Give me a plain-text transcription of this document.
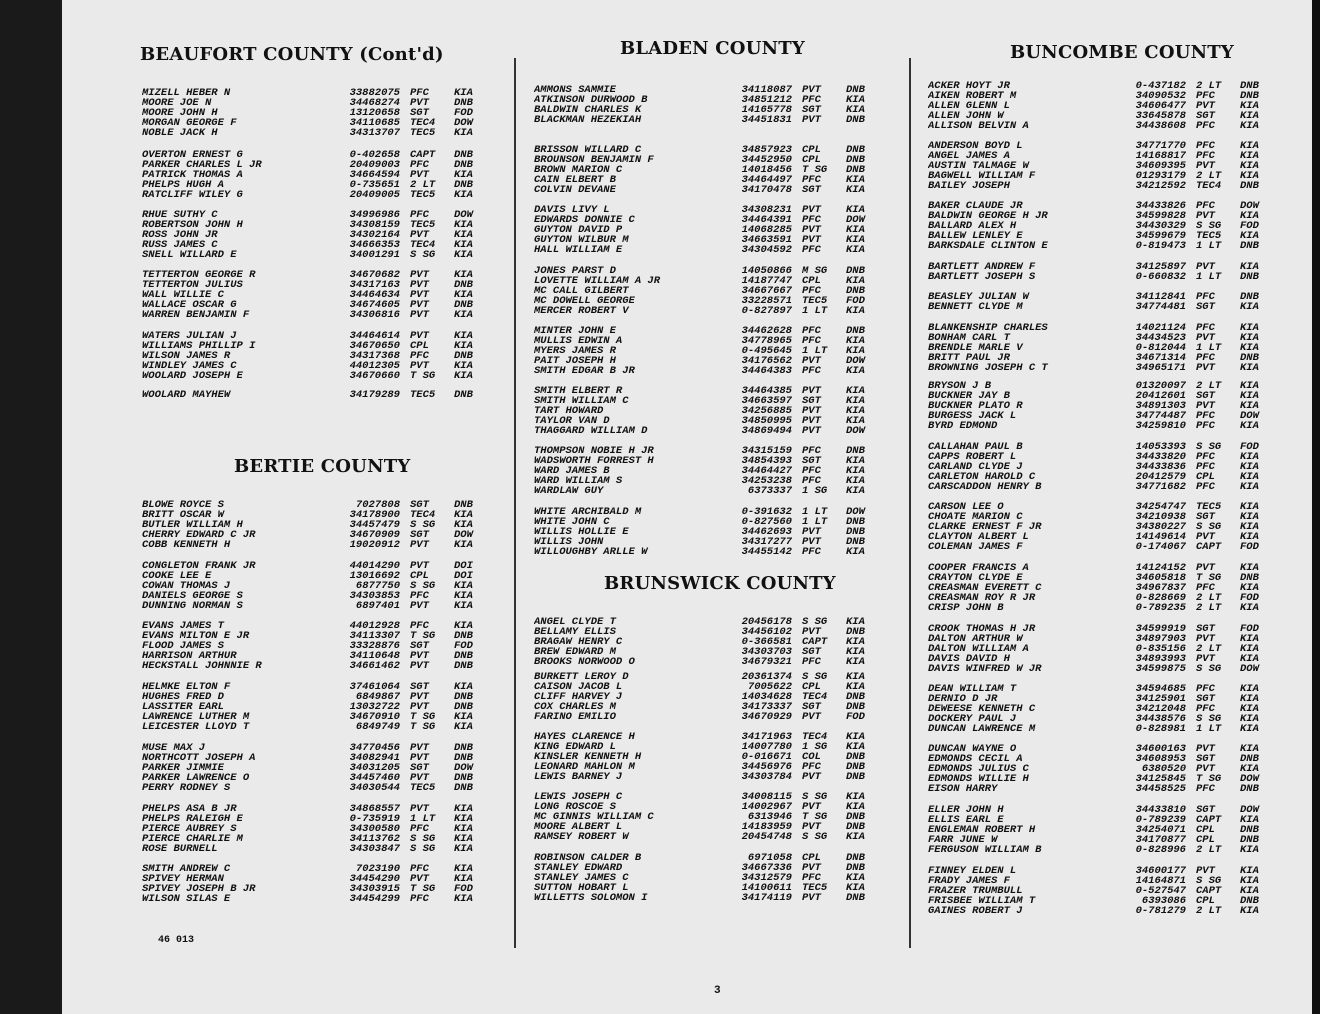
BEAUFORT COUNTY (Cont'd)
MIZELL HEBER N	33882075 PFC	KIA
MOORE JOE N	34468274 PVT	DNB
MOORE JOHN H	13120658 SGT	FOD
MORGAN GEORGE F	34110685 TEC4	DOW
NOBLE JACK H	34313707 TEC5	KIA
OVERTON ERNEST G	0-402658 CAPT	DNB
PARKER CHARLES L JR	20409003 PFC	DNB
PATRICK THOMAS A	34664594 PVT	KIA
PHELPS HUGH A	0-735651 2 LT	DNB
RATCLIFF WILEY G	20409005 TEC5	KIA
RHUE SUTHY C	34996986 PFC	DOW
ROBERTSON JOHN H	34308159 TEC5	KIA
ROSS JOHN JR	34302164 PVT	KIA
RUSS JAMES C	34666353 TEC4	KIA
SNELL WILLARD E	34001291 S SG	KIA
TETTERTON GEORGE R	34670682 PVT	KIA
TETTERTON JULIUS	34317163 PVT	DNB
WALL WILLIE C	34464634 PVT	KIA
WALLACE OSCAR G	34674605 PVT	DNB
WARREN BENJAMIN F	34306816 PVT	KIA
WATERS JULIAN J	34464614 PVT	KIA
WILLIAMS PHILLIP I	34670650 CPL	KIA
WILSON JAMES R	34317368 PFC	DNB
WINDLEY JAMES C	44012305 PVT	KIA
WOOLARD JOSEPH E	34670660 T SG	KIA
WOOLARD MAYHEW	34179289 TEC5	DNB
BERTIE COUNTY
BLOWE ROYCE S	7027808 SGT	DNB
BRITT OSCAR W	34178900 TEC4	KIA
BUTLER WILLIAM H	34457479 S SG	KIA
CHERRY EDWARD C JR	34670909 SGT	DOW
COBB KENNETH H	19020912 PVT	KIA
CONGLETON FRANK JR	44014290 PVT	DOI
COOKE LEE E	13016692 CPL	DOI
COWAN THOMAS J	6877750 S SG	KIA
DANIELS GEORGE S	34303853 PFC	KIA
DUNNING NORMAN S	6897401 PVT	KIA
EVANS JAMES T	44012928 PFC	KIA
EVANS MILTON E JR	34113307 T SG	DNB
FLOOD JAMES S	33328876 SGT	FOD
HARRISON ARTHUR	34110648 PVT	DNB
HECKSTALL JOHNNIE R	34661462 PVT	DNB
HELMKE ELTON F	37461064 SGT	KIA
HUGHES FRED D	6849867 PVT	DNB
LASSITER EARL	13032722 PVT	DNB
LAWRENCE LUTHER M	34670910 T SG	KIA
LEICESTER LLOYD T	6849749 T SG	KIA
MUSE MAX J	34770456 PVT	DNB
NORTHCOTT JOSEPH A	34082941 PVT	DNB
PARKER JIMMIE	34031205 SGT	DOW
PARKER LAWRENCE O	34457460 PVT	DNB
PERRY RODNEY S	34030544 TEC5	DNB
PHELPS ASA B JR	34868557 PVT	KIA
PHELPS RALEIGH E	0-735919 1 LT	KIA
PIERCE AUBREY S	34300580 PFC	KIA
PIERCE CHARLIE M	34113762 S SG	KIA
ROSE BURNELL	34303847 S SG	KIA
SMITH ANDREW C	7023190 PFC	KIA
SPIVEY HERMAN	34454290 PVT	KIA
SPIVEY JOSEPH B JR	34303915 T SG	FOD
WILSON SILAS E	34454299 PFC	KIA
BLADEN COUNTY
AMMONS SAMMIE	34118087 PVT	DNB
ATKINSON DURWOOD B	34851212 PFC	KIA
BALDWIN CHARLES K	14165778 SGT	KIA
BLACKMAN HEZEKIAH	34451831 PVT	DNB
BRISSON WILLARD C	34857923 CPL	DNB
BROUNSON BENJAMIN F	34452950 CPL	DNB
BROWN MARION C	14018456 T SG	DNB
CAIN ELBERT B	34464497 PFC	KIA
COLVIN DEVANE	34170478 SGT	KIA
DAVIS LIVY L	34308231 PVT	KIA
EDWARDS DONNIE C	34464391 PFC	DOW
GUYTON DAVID P	14068285 PVT	KIA
GUYTON WILBUR M	34663591 PVT	KIA
HALL WILLIAM E	34304592 PFC	KIA
JONES PARST D	14050866 M SG	DNB
LOVETTE WILLIAM A JR	14187747 CPL	KIA
MC CALL GILBERT	34667667 PFC	DNB
MC DOWELL GEORGE	33228571 TEC5	FOD
MERCER ROBERT V	0-827897 1 LT	KIA
MINTER JOHN E	34462628 PFC	DNB
MULLIS EDWIN A	34778965 PFC	KIA
MYERS JAMES R	0-495645 1 LT	KIA
PAIT JOSEPH H	34176562 PVT	DOW
SMITH EDGAR B JR	34464383 PFC	KIA
SMITH ELBERT R	34464385 PVT	KIA
SMITH WILLIAM C	34663597 SGT	KIA
TART HOWARD	34256885 PVT	KIA
TAYLOR VAN D	34850995 PVT	KIA
THAGGARD WILLIAM D	34869494 PVT	DOW
THOMPSON NOBIE H JR	34315159 PFC	DNB
WADSWORTH FORREST H	34854393 SGT	KIA
WARD JAMES B	34464427 PFC	KIA
WARD WILLIAM S	34253238 PFC	KIA
WARDLAW GUY	6373337 1 SG	KIA
WHITE ARCHIBALD M	0-391632 1 LT	DOW
WHITE JOHN C	0-827560 1 LT	DNB
WILLIS HOLLIE E	34462693 PVT	DNB
WILLIS JOHN	34317277 PVT	DNB
WILLOUGHBY ARLLE W	34455142 PFC	KIA
BRUNSWICK COUNTY
ANGEL CLYDE T	20456178 S SG	KIA
BELLAMY ELLIS	34456102 PVT	DNB
BRAGAW HENRY C	0-366581 CAPT	KIA
BREW EDWARD M	34303703 SGT	KIA
BROOKS NORWOOD O	34679321 PFC	KIA
BURKETT LEROY D	20361374 S SG	KIA
CAISON JACOB L	7005622 CPL	KIA
CLIFF HARVEY J	14034628 TEC4	DNB
COX CHARLES M	34173337 SGT	DNB
FARINO EMILIO	34670929 PVT	FOD
HAYES CLARENCE H	34171963 TEC4	KIA
KING EDWARD L	14007780 1 SG	KIA
KINSLER KENNETH H	0-016671 COL	DNB
LEONARD MAHLON M	34456976 PFC	DNB
LEWIS BARNEY J	34303784 PVT	DNB
LEWIS JOSEPH C	34008115 S SG	KIA
LONG ROSCOE S	14002967 PVT	KIA
MC GINNIS WILLIAM C	6313946 T SG	DNB
MOORE ALBERT L	14183959 PVT	DNB
RAMSEY ROBERT W	20454748 S SG	KIA
ROBINSON CALDER B	6971058 CPL	DNB
STANLEY EDWARD	34667336 PVT	DNB
STANLEY JAMES C	34312579 PFC	KIA
SUTTON HOBART L	14100611 TEC5	KIA
WILLETTS SOLOMON I	34174119 PVT	DNB
BUNCOMBE COUNTY
ACKER HOYT JR	0-437182 2 LT	DNB
AIKEN ROBERT M	34090532 PFC	DNB
ALLEN GLENN L	34606477 PVT	KIA
ALLEN JOHN W	33645878 SGT	KIA
ALLISON BELVIN A	34438608 PFC	KIA
ANDERSON BOYD L	34771770 PFC	KIA
ANGEL JAMES A	14168817 PFC	KIA
AUSTIN TALMAGE W	34609395 PVT	KIA
BAGWELL WILLIAM F	01293179 2 LT	KIA
BAILEY JOSEPH	34212592 TEC4	DNB
BAKER CLAUDE JR	34433826 PFC	DOW
BALDWIN GEORGE H JR	34599828 PVT	KIA
BALLARD ALEX H	34430329 S SG	FOD
BALLEW LENLEY E	34599679 TEC5	KIA
BARKSDALE CLINTON E	0-819473 1 LT	DNB
BARTLETT ANDREW F	34125897 PVT	KIA
BARTLETT JOSEPH S	0-660832 1 LT	DNB
BEASLEY JULIAN W	34112841 PFC	DNB
BENNETT CLYDE M	34774481 SGT	KIA
BLANKENSHIP CHARLES	14021124 PFC	KIA
BONHAM CARL T	34434523 PVT	KIA
BRENDLE MARLE V	0-812044 1 LT	KIA
BRITT PAUL JR	34671314 PFC	DNB
BROWNING JOSEPH C T	34965171 PVT	KIA
BRYSON J B	01320097 2 LT	KIA
BUCKNER JAY B	20412601 SGT	KIA
BUCKNER PLATO R	34891303 PVT	KIA
BURGESS JACK L	34774487 PFC	DOW
BYRD EDMOND	34259810 PFC	KIA
CALLAHAN PAUL B	14053393 S SG	FOD
CAPPS ROBERT L	34433820 PFC	KIA
CARLAND CLYDE J	34433836 PFC	KIA
CARLETON HAROLD C	20412579 CPL	KIA
CARSCADDON HENRY B	34771682 PFC	KIA
CARSON LEE O	34254747 TEC5	KIA
CHOATE MARION C	34210938 SGT	KIA
CLARKE ERNEST F JR	34380227 S SG	KIA
CLAYTON ALBERT L	14149614 PVT	KIA
COLEMAN JAMES F	0-174067 CAPT	FOD
COOPER FRANCIS A	14124152 PVT	KIA
CRAYTON CLYDE E	34605818 T SG	DNB
CREASMAN EVERETT C	34967837 PFC	KIA
CREASMAN ROY R JR	0-828669 2 LT	FOD
CRISP JOHN B	0-789235 2 LT	KIA
CROOK THOMAS H JR	34599919 SGT	FOD
DALTON ARTHUR W	34897903 PVT	KIA
DALTON WILLIAM A	0-835156 2 LT	KIA
DAVIS DAVID H	34893993 PVT	KIA
DAVIS WINFRED W JR	34599875 S SG	DOW
DEAN WILLIAM T	34594685 PFC	KIA
DERNIO D JR	34125901 SGT	KIA
DEWEESE KENNETH C	34212048 PFC	KIA
DOCKERY PAUL J	34438576 S SG	KIA
DUNCAN LAWRENCE M	0-828981 1 LT	KIA
DUNCAN WAYNE O	34600163 PVT	KIA
EDMONDS CECIL A	34608953 SGT	DNB
EDMONDS JULIUS C	6380520 PVT	KIA
EDMONDS WILLIE H	34125845 T SG	DOW
EISON HARRY	34458525 PFC	DNB
ELLER JOHN H	34433810 SGT	DOW
ELLIS EARL E	0-789239 CAPT	KIA
ENGLEMAN ROBERT H	34254071 CPL	DNB
FARR JUNE W	34170877 CPL	DNB
FERGUSON WILLIAM B	0-828996 2 LT	KIA
FINNEY ELDEN L	34600177 PVT	KIA
FRADY JAMES F	14164871 S SG	KIA
FRAZER TRUMBULL	0-527547 CAPT	KIA
FRISBEE WILLIAM T	6393086 CPL	DNB
GAINES ROBERT J	0-781279 2 LT	KIA
46 013
3
